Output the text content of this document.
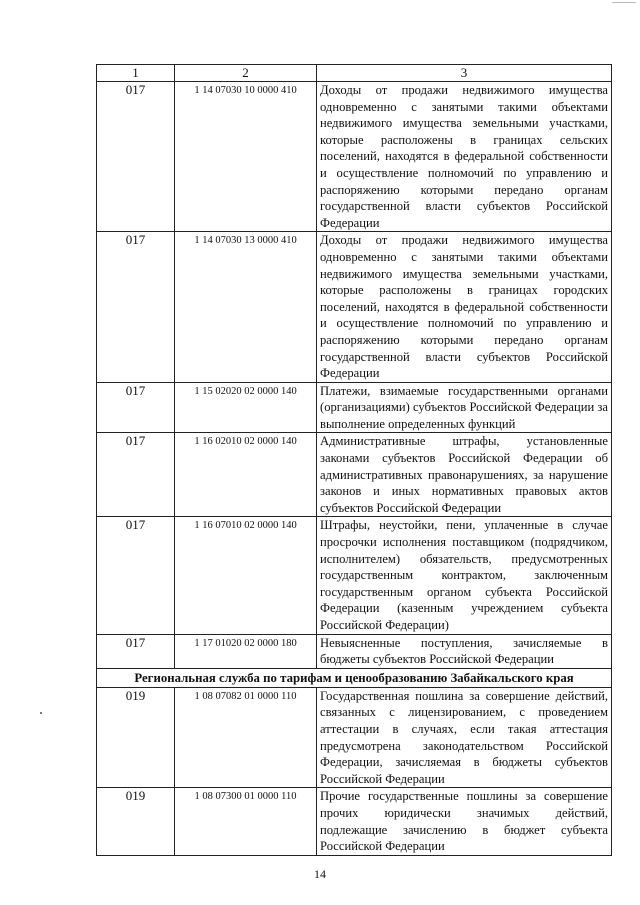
1	2	3
017	1 14 07030 10 0000 410	Доходы от продажи недвижимого имущества одновременно с занятыми такими объектами недвижимого имущества земельными участками, которые расположены в границах сельских поселений, находятся в федеральной собственности и осуществление полномочий по управлению и распоряжению которыми передано органам государственной власти субъектов Российской Федерации
017	1 14 07030 13 0000 410	Доходы от продажи недвижимого имущества одновременно с занятыми такими объектами недвижимого имущества земельными участками, которые расположены в границах городских поселений, находятся в федеральной собственности и осуществление полномочий по управлению и распоряжению которыми передано органам государственной власти субъектов Российской Федерации
017	1 15 02020 02 0000 140	Платежи, взимаемые государственными органами (организациями) субъектов Российской Федерации за выполнение определенных функций
017	1 16 02010 02 0000 140	Административные штрафы, установленные законами субъектов Российской Федерации об административных правонарушениях, за нарушение законов и иных нормативных правовых актов субъектов Российской Федерации
017	1 16 07010 02 0000 140	Штрафы, неустойки, пени, уплаченные в случае просрочки исполнения поставщиком (подрядчиком, исполнителем) обязательств, предусмотренных государственным контрактом, заключенным государственным органом субъекта Российской Федерации (казенным учреждением субъекта Российской Федерации)
017	1 17 01020 02 0000 180	Невыясненные поступления, зачисляемые в бюджеты субъектов Российской Федерации
Региональная служба по тарифам и ценообразованию Забайкальского края		
019	1 08 07082 01 0000 110	Государственная пошлина за совершение действий, связанных с лицензированием, с проведением аттестации в случаях, если такая аттестация предусмотрена законодательством Российской Федерации, зачисляемая в бюджеты субъектов Российской Федерации
019	1 08 07300 01 0000 110	Прочие государственные пошлины за совершение прочих юридически значимых действий, подлежащие зачислению в бюджет субъекта Российской Федерации
14
